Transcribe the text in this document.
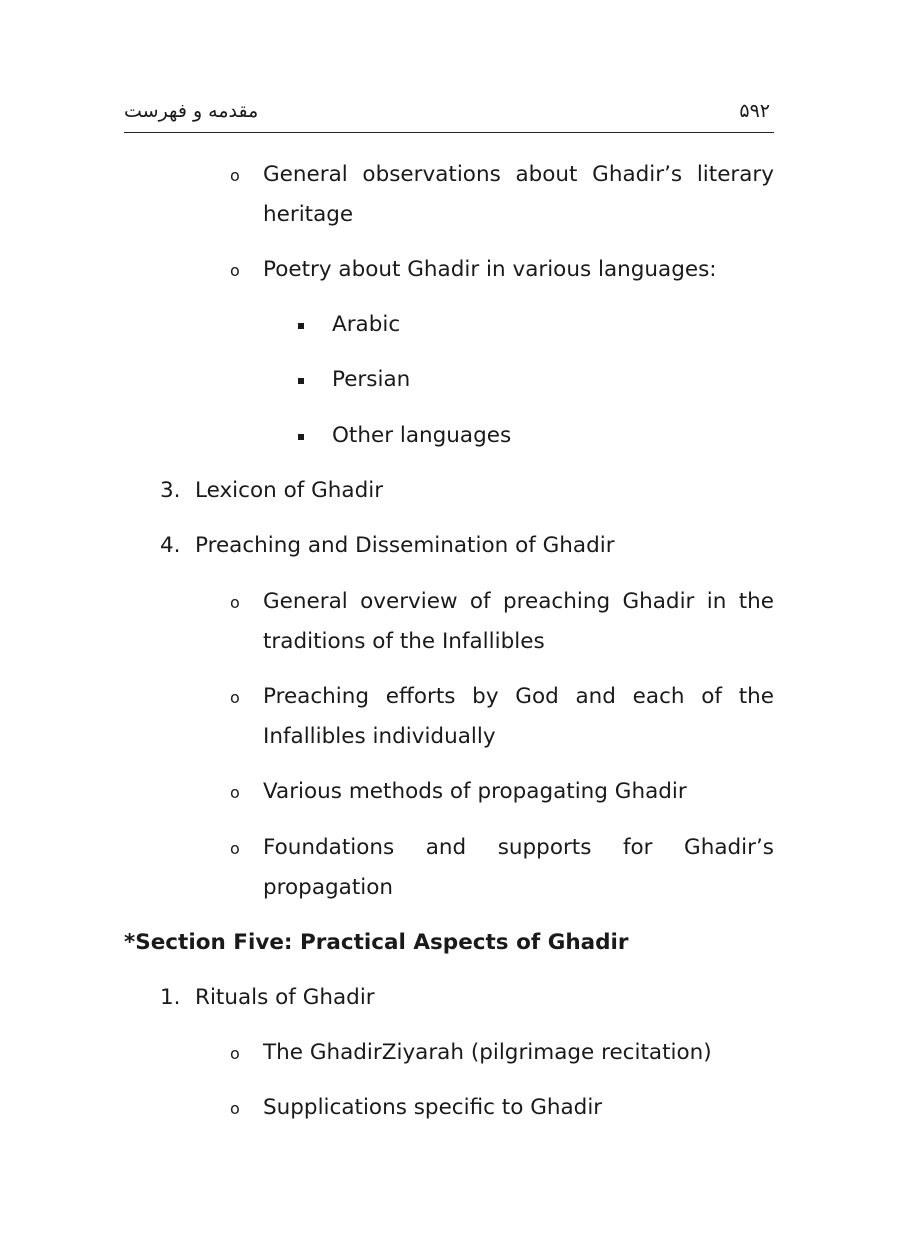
مقدمه و فهرست	۵۹۲
o General observations about Ghadir’s literary
heritage
o Poetry about Ghadir in various languages:
Arabic
Persian
Other languages
3. Lexicon of Ghadir
4. Preaching and Dissemination of Ghadir
o General overview of preaching Ghadir in the
traditions of the Infallibles
o Preaching efforts by God and each of the
Infallibles individually
o Various methods of propagating Ghadir
o Foundations and supports for Ghadir’s
propagation
*Section Five: Practical Aspects of Ghadir
1. Rituals of Ghadir
o The GhadirZiyarah (pilgrimage recitation)
o Supplications specific to Ghadir
